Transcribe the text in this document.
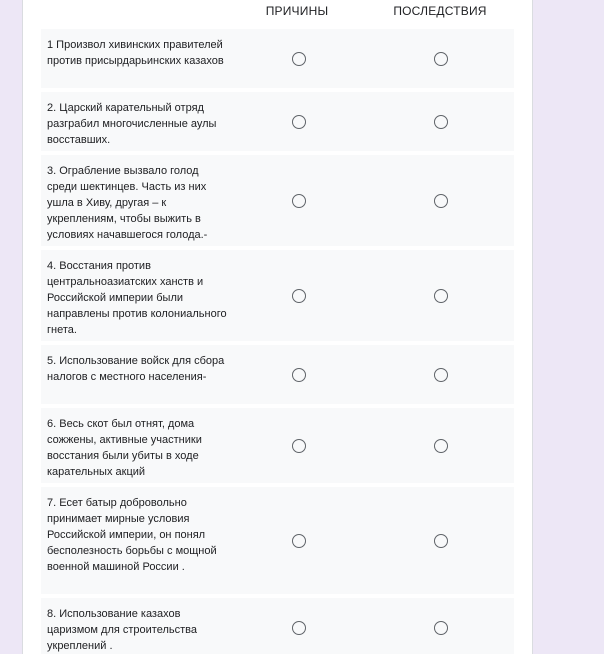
ПРИЧИНЫ	ПОСЛЕДСТВИЯ
1 Произвол хивинских правителей против присырдарьинских казахов
2. Царский карательный отряд разграбил многочисленные аулы восставших.
3. Ограбление вызвало голод среди шектинцев. Часть из них ушла в Хиву, другая – к укреплениям, чтобы выжить в условиях начавшегося голода.-
4. Восстания против центральноазиатских ханств и Российской империи были направлены против колониального гнета.
5. Использование войск для сбора налогов с местного населения-
6. Весь скот был отнят, дома сожжены, активные участники восстания были убиты в ходе карательных акций
7. Есет батыр добровольно принимает мирные условия Российской империи, он понял бесполезность борьбы с мощной военной машиной России .
8. Использование казахов царизмом для строительства укреплений .
